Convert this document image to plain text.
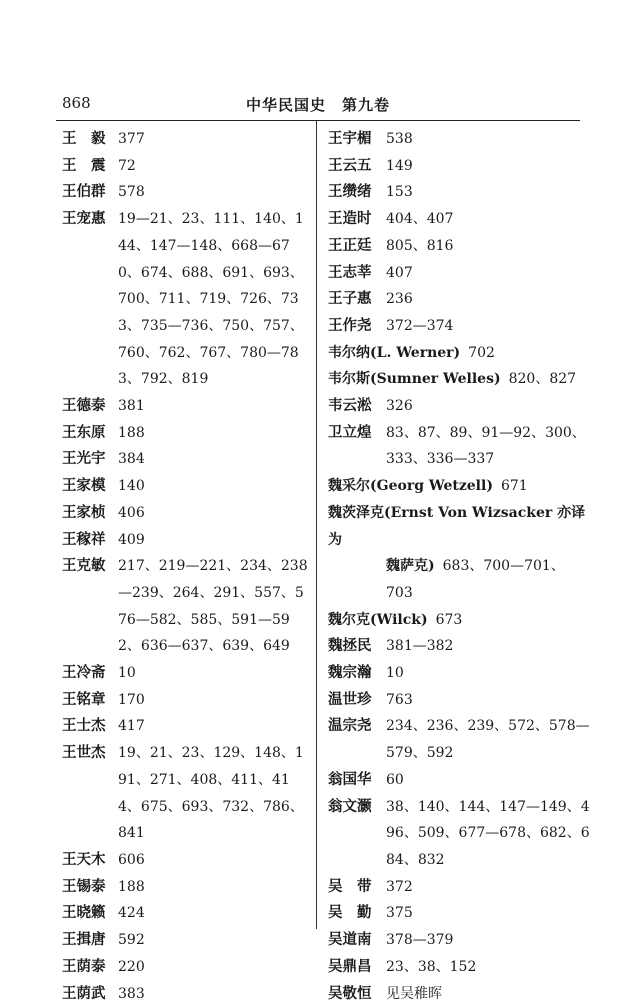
868	中华民国史　第九卷
王　毅 377
王　震 72
王伯群 578
王宠惠 19—21、23、111、140、144、147—148、668—670、674、688、691、693、700、711、719、726、733、735—736、750、757、760、762、767、780—783、792、819
王德泰 381
王东原 188
王光宇 384
王家模 140
王家桢 406
王稼祥 409
王克敏 217、219—221、234、238—239、264、291、557、576—582、585、591—592、636—637、639、649
王冷斋 10
王铭章 170
王士杰 417
王世杰 19、21、23、129、148、191、271、408、411、414、675、693、732、786、841
王天木 606
王锡泰 188
王晓籁 424
王揖唐 592
王荫泰 220
王荫武 383
王宇楣	538
王云五	149
王缵绪	153
王造时	404、407
王正廷	805、816
王志莘	407
王子惠	236
王作尧	372—374
韦尔纳(L. Werner) 702
韦尔斯(Sumner Welles) 820、827
韦云淞	326
卫立煌	83、87、89、91—92、300、333、336—337
魏采尔(Georg Wetzell) 671
魏茨泽克(Ernst Von Wizsacker 亦译为
魏萨克) 683、700—701、703
魏尔克(Wilck) 673
魏拯民	381—382
魏宗瀚	10
温世珍	763
温宗尧	234、236、239、572、578—579、592
翁国华	60
翁文灏	38、140、144、147—149、496、509、677—678、682、684、832
吴　带	372
吴　勤	375
吴道南	378—379
吴鼎昌	23、38、152
吴敬恒	见吴稚晖
